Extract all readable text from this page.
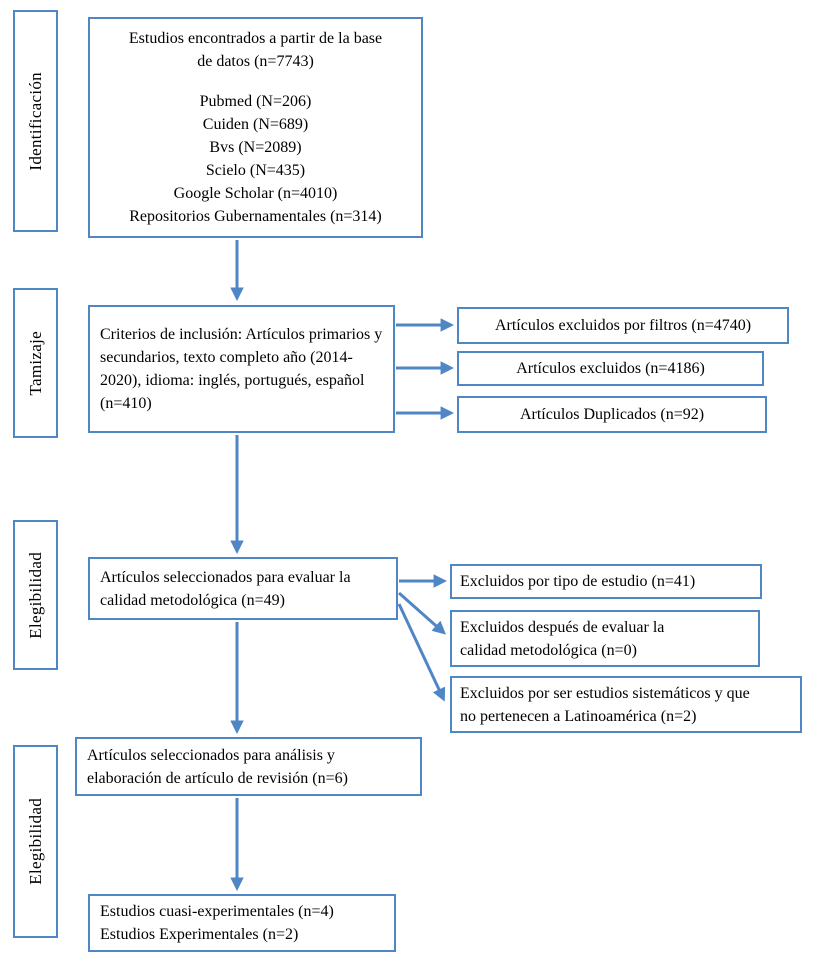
Identificación
Tamizaje
Elegibilidad
Elegibilidad
Estudios encontrados a partir de la base de datos (n=7743)
Pubmed (N=206)
Cuiden (N=689)
Bvs (N=2089)
Scielo (N=435)
Google Scholar (n=4010)
Repositorios Gubernamentales (n=314)
Criterios de inclusión: Artículos primarios y secundarios, texto completo año (2014-2020), idioma: inglés, portugués, español (n=410)
Artículos seleccionados para evaluar la calidad metodológica (n=49)
Artículos seleccionados para análisis y elaboración de artículo de revisión (n=6)
Estudios cuasi-experimentales (n=4)
Estudios Experimentales (n=2)
Artículos excluidos por filtros (n=4740)
Artículos excluidos (n=4186)
Artículos Duplicados (n=92)
Excluidos por tipo de estudio (n=41)
Excluidos después de evaluar la calidad metodológica (n=0)
Excluidos por ser estudios sistemáticos y que no pertenecen a Latinoamérica (n=2)
